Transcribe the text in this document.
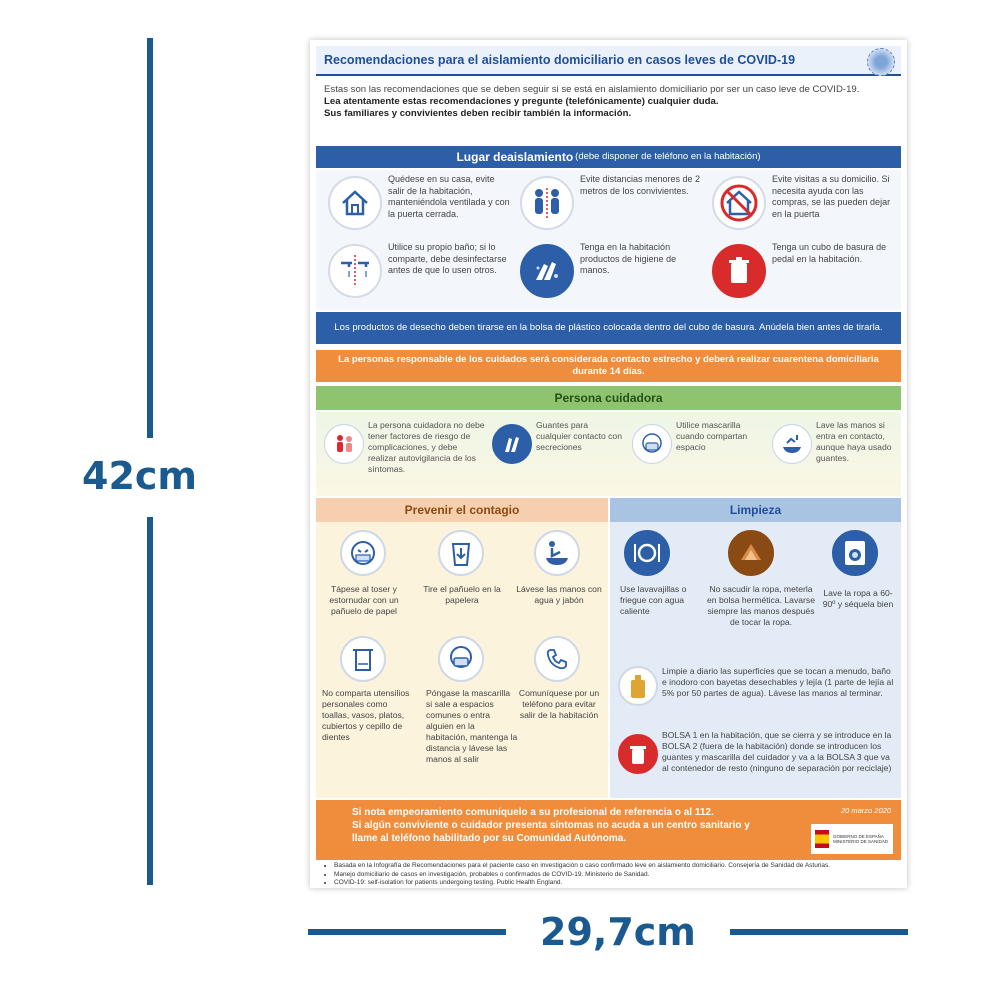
42cm
29,7cm
Recomendaciones para el aislamiento domiciliario en casos leves de COVID-19

Estas son las recomendaciones que se deben seguir si se está en aislamiento domiciliario por ser un caso leve de COVID-19.

Lea atentamente estas recomendaciones y pregunte (telefónicamente) cualquier duda.

Sus familiares y convivientes deben recibir también la información.

Lugar deaislamiento (debe disponer de teléfono en la habitación)
Quédese en su casa, evite salir de la habitación, manteniéndola ventilada y con la puerta cerrada.
Evite distancias menores de 2 metros de los convivientes.
Evite visitas a su domicilio. Si necesita ayuda con las compras, se las pueden dejar en la puerta
Utilice su propio baño; si lo comparte, debe desinfectarse antes de que lo usen otros.
Tenga en la habitación productos de higiene de manos.
Tenga un cubo de basura de pedal en la habitación.
Los productos de desecho deben tirarse en la bolsa de plástico colocada dentro del cubo de basura. Anúdela bien antes de tirarla.
La personas responsable de los cuidados será considerada contacto estrecho y deberá realizar cuarentena domiciliaria durante 14 días.
Persona cuidadora
La persona cuidadora no debe tener factores de riesgo de complicaciones, y debe realizar autovigilancia de los síntomas.
Guantes para cualquier contacto con secreciones
Utilice mascarilla cuando compartan espacio
Lave las manos si entra en contacto, aunque haya usado guantes.
Prevenir el contagio
Tápese al toser y estornudar con un pañuelo de papel
Tire el pañuelo en la papelera
Lávese las manos con agua y jabón
No comparta utensilios personales como toallas, vasos, platos, cubiertos y cepillo de dientes
Póngase la mascarilla si sale a espacios comunes o entra alguien en la habitación, mantenga la distancia y lávese las manos al salir
Comuníquese por un teléfono para evitar salir de la habitación
Limpieza
Use lavavajillas o friegue con agua caliente
No sacudir la ropa, meterla en bolsa hermética. Lavarse siempre las manos después de tocar la ropa.
Lave la ropa a 60-90º y séquela bien
Limpie a diario las superficies que se tocan a menudo, baño e inodoro con bayetas desechables y lejía (1 parte de lejía al 5% por 50 partes de agua). Lávese las manos al terminar.
BOLSA 1 en la habitación, que se cierra y se introduce en la BOLSA 2 (fuera de la habitación) donde se introducen los guantes y mascarilla del cuidador y va a la BOLSA 3 que va al contenedor de resto (ninguno de separación por reciclaje)
Si nota empeoramiento comuníquelo a su profesional de referencia o al 112.
Si algún conviviente o cuidador presenta síntomas no acuda a un centro sanitario y llame al teléfono habilitado por su Comunidad Autónoma.
20 marzo 2020
GOBIERNO DE ESPAÑA MINISTERIO DE SANIDAD
• Basada en la Infografía de Recomendaciones para el paciente caso en investigación o caso confirmado leve en aislamiento domiciliario. Consejería de Sanidad de Asturias.
• Manejo domiciliario de casos en investigación, probables o confirmados de COVID-19. Ministerio de Sanidad.
• COVID-19: self-isolation for patients undergoing testing. Public Health England.
